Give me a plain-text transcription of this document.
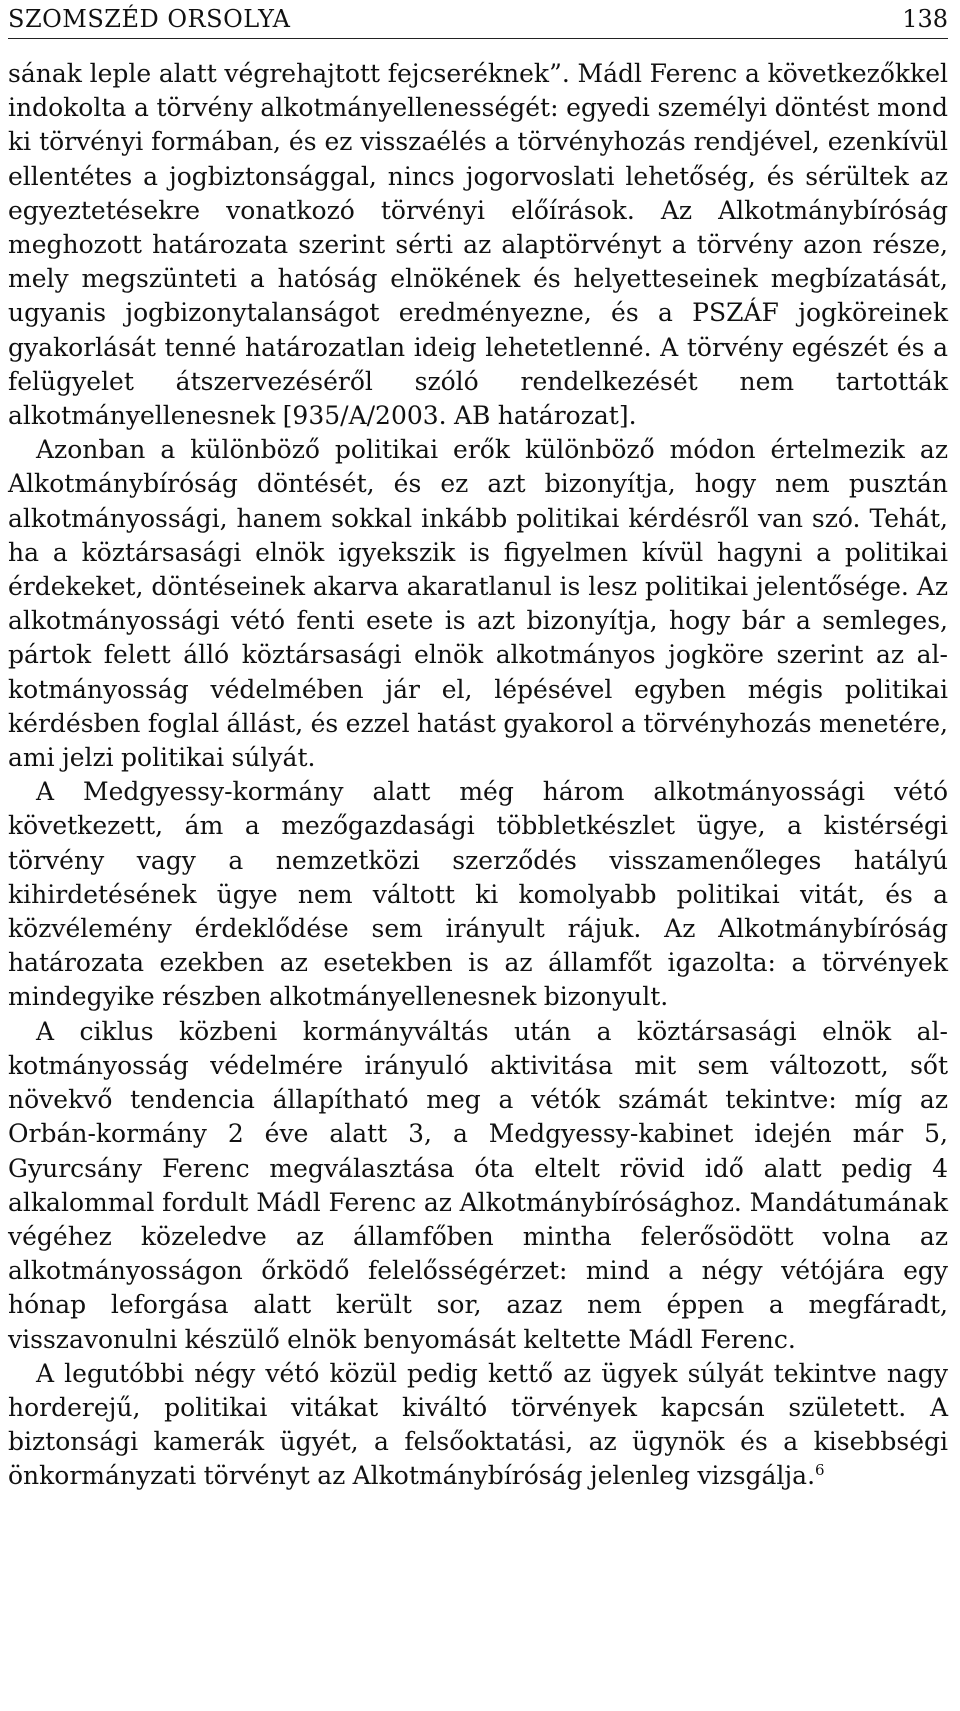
SZOMSZÉD ORSOLYA	138

sának leple alatt végrehajtott fejcseréknek”. Mádl Ferenc a következőkkel indokolta a törvény alkotmányellenességét: egyedi személyi döntést mond ki törvényi formában, és ez visszaélés a törvényhozás rendjével, ezenkívül ellentétes a jogbiztonsággal, nincs jogorvoslati lehetőség, és sérültek az egyeztetésekre vonatkozó törvényi előírások. Az Alkotmánybíróság meghozott határozata szerint sérti az alaptörvényt a törvény azon része, mely megszünteti a hatóság elnökének és helyetteseinek megbízatását, ugyanis jogbizonytalanságot eredményezne, és a PSZÁF jogköreinek gyakorlását tenné határozatlan ideig lehetetlenné. A törvény egészét és a felügyelet átszervezéséről szóló rendelkezését nem tartották alkotmányellenesnek [935/A/2003. AB határozat].

Azonban a különböző politikai erők különböző módon értelmezik az Alkotmánybíróság döntését, és ez azt bizonyítja, hogy nem pusztán alkotmányossági, hanem sokkal inkább politikai kérdésről van szó. Tehát, ha a köztársasági elnök igyekszik is figyelmen kívül hagyni a politikai érdekeket, döntéseinek akarva akaratlanul is lesz politikai jelentősége. Az alkotmányossági vétó fenti esete is azt bizonyítja, hogy bár a semleges, pártok felett álló köztársasági elnök alkotmányos jogköre szerint az alkotmányosság védelmében jár el, lépésével egyben mégis politikai kérdésben foglal állást, és ezzel hatást gyakorol a törvényhozás menetére, ami jelzi politikai súlyát.

A Medgyessy-kormány alatt még három alkotmányossági vétó következett, ám a mezőgazdasági többletkészlet ügye, a kistérségi törvény vagy a nemzetközi szerződés visszamenőleges hatályú kihirdetésének ügye nem váltott ki komolyabb politikai vitát, és a közvélemény érdeklődése sem irányult rájuk. Az Alkotmánybíróság határozata ezekben az esetekben is az államfőt igazolta: a törvények mindegyike részben alkotmányellenesnek bizonyult.

A ciklus közbeni kormányváltás után a köztársasági elnök alkotmányosság védelmére irányuló aktivitása mit sem változott, sőt növekvő tendencia állapítható meg a vétók számát tekintve: míg az Orbán-kormány 2 éve alatt 3, a Medgyessy-kabinet idején már 5, Gyurcsány Ferenc megválasztása óta eltelt rövid idő alatt pedig 4 alkalommal fordult Mádl Ferenc az Alkotmánybírósághoz. Mandátumának végéhez közeledve az államfőben mintha felerősödött volna az alkotmányosságon őrködő felelősségérzet: mind a négy vétójára egy hónap leforgása alatt került sor, azaz nem éppen a megfáradt, visszavonulni készülő elnök benyomását keltette Mádl Ferenc.

A legutóbbi négy vétó közül pedig kettő az ügyek súlyát tekintve nagy horderejű, politikai vitákat kiváltó törvények kapcsán született. A biztonsági kamerák ügyét, a felsőoktatási, az ügynök és a kisebbségi önkormányzati törvényt az Alkotmánybíróság jelenleg vizsgálja.$^6$
